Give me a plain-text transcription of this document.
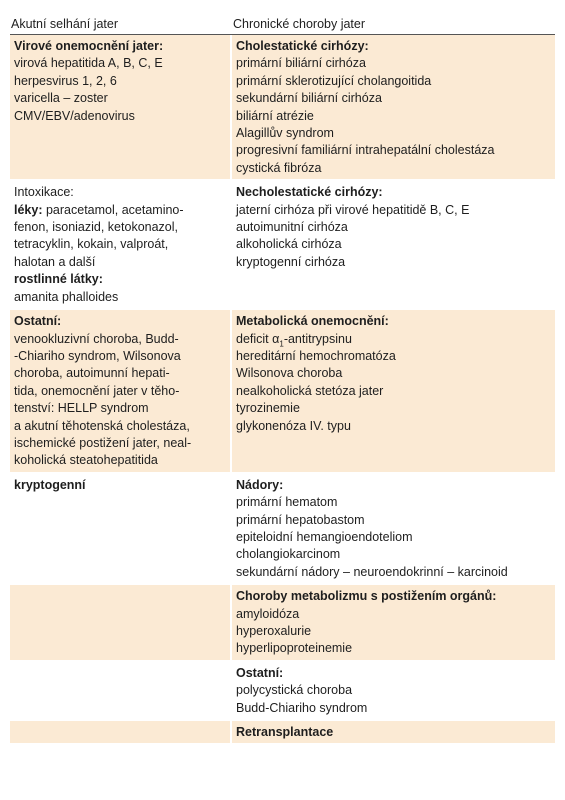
Akutní selhání jater	Chronické choroby jater
Virové onemocnění jater:
virová hepatitida A, B, C, E
herpesvirus 1, 2, 6
varicella – zoster
CMV/EBV/adenovirus
Cholestatické cirhózy:
primární biliární cirhóza
primární sklerotizující cholangoitida
sekundární biliární cirhóza
biliární atrézie
Alagillův syndrom
progresivní familiární intrahepatální cholestáza
cystická fibróza
Intoxikace:
léky: paracetamol, acetamino-
fenon, isoniazid, ketokonazol,
tetracyklin, kokain, valproát,
halotan a další
rostlinné látky:
amanita phalloides
Necholestatické cirhózy:
jaterní cirhóza při virové hepatitidě B, C, E
autoimunitní cirhóza
alkoholická cirhóza
kryptogenní cirhóza
Ostatní:
venookluzivní choroba, Budd-
-Chiariho syndrom, Wilsonova
choroba, autoimunní hepati-
tida, onemocnění jater v těho-
tenství: HELLP syndrom
a akutní těhotenská cholestáza,
ischemické postižení jater, neal-
koholická steatohepatitida
Metabolická onemocnění:
deficit $\alpha_1$-antitrypsinu
hereditární hemochromatóza
Wilsonova choroba
nealkoholická stetóza jater
tyrozinemie
glykonenóza IV. typu
kryptogenní	Nádory:
primární hematom
primární hepatobastom
epiteloidní hemangioendoteliom
cholangiokarcinom
sekundární nádory – neuroendokrinní – karcinoid
Choroby metabolizmu s postižením orgánů:
amyloidóza
hyperoxalurie
hyperlipoproteinemie
Ostatní:
polycystická choroba
Budd-Chiariho syndrom
Retransplantace
